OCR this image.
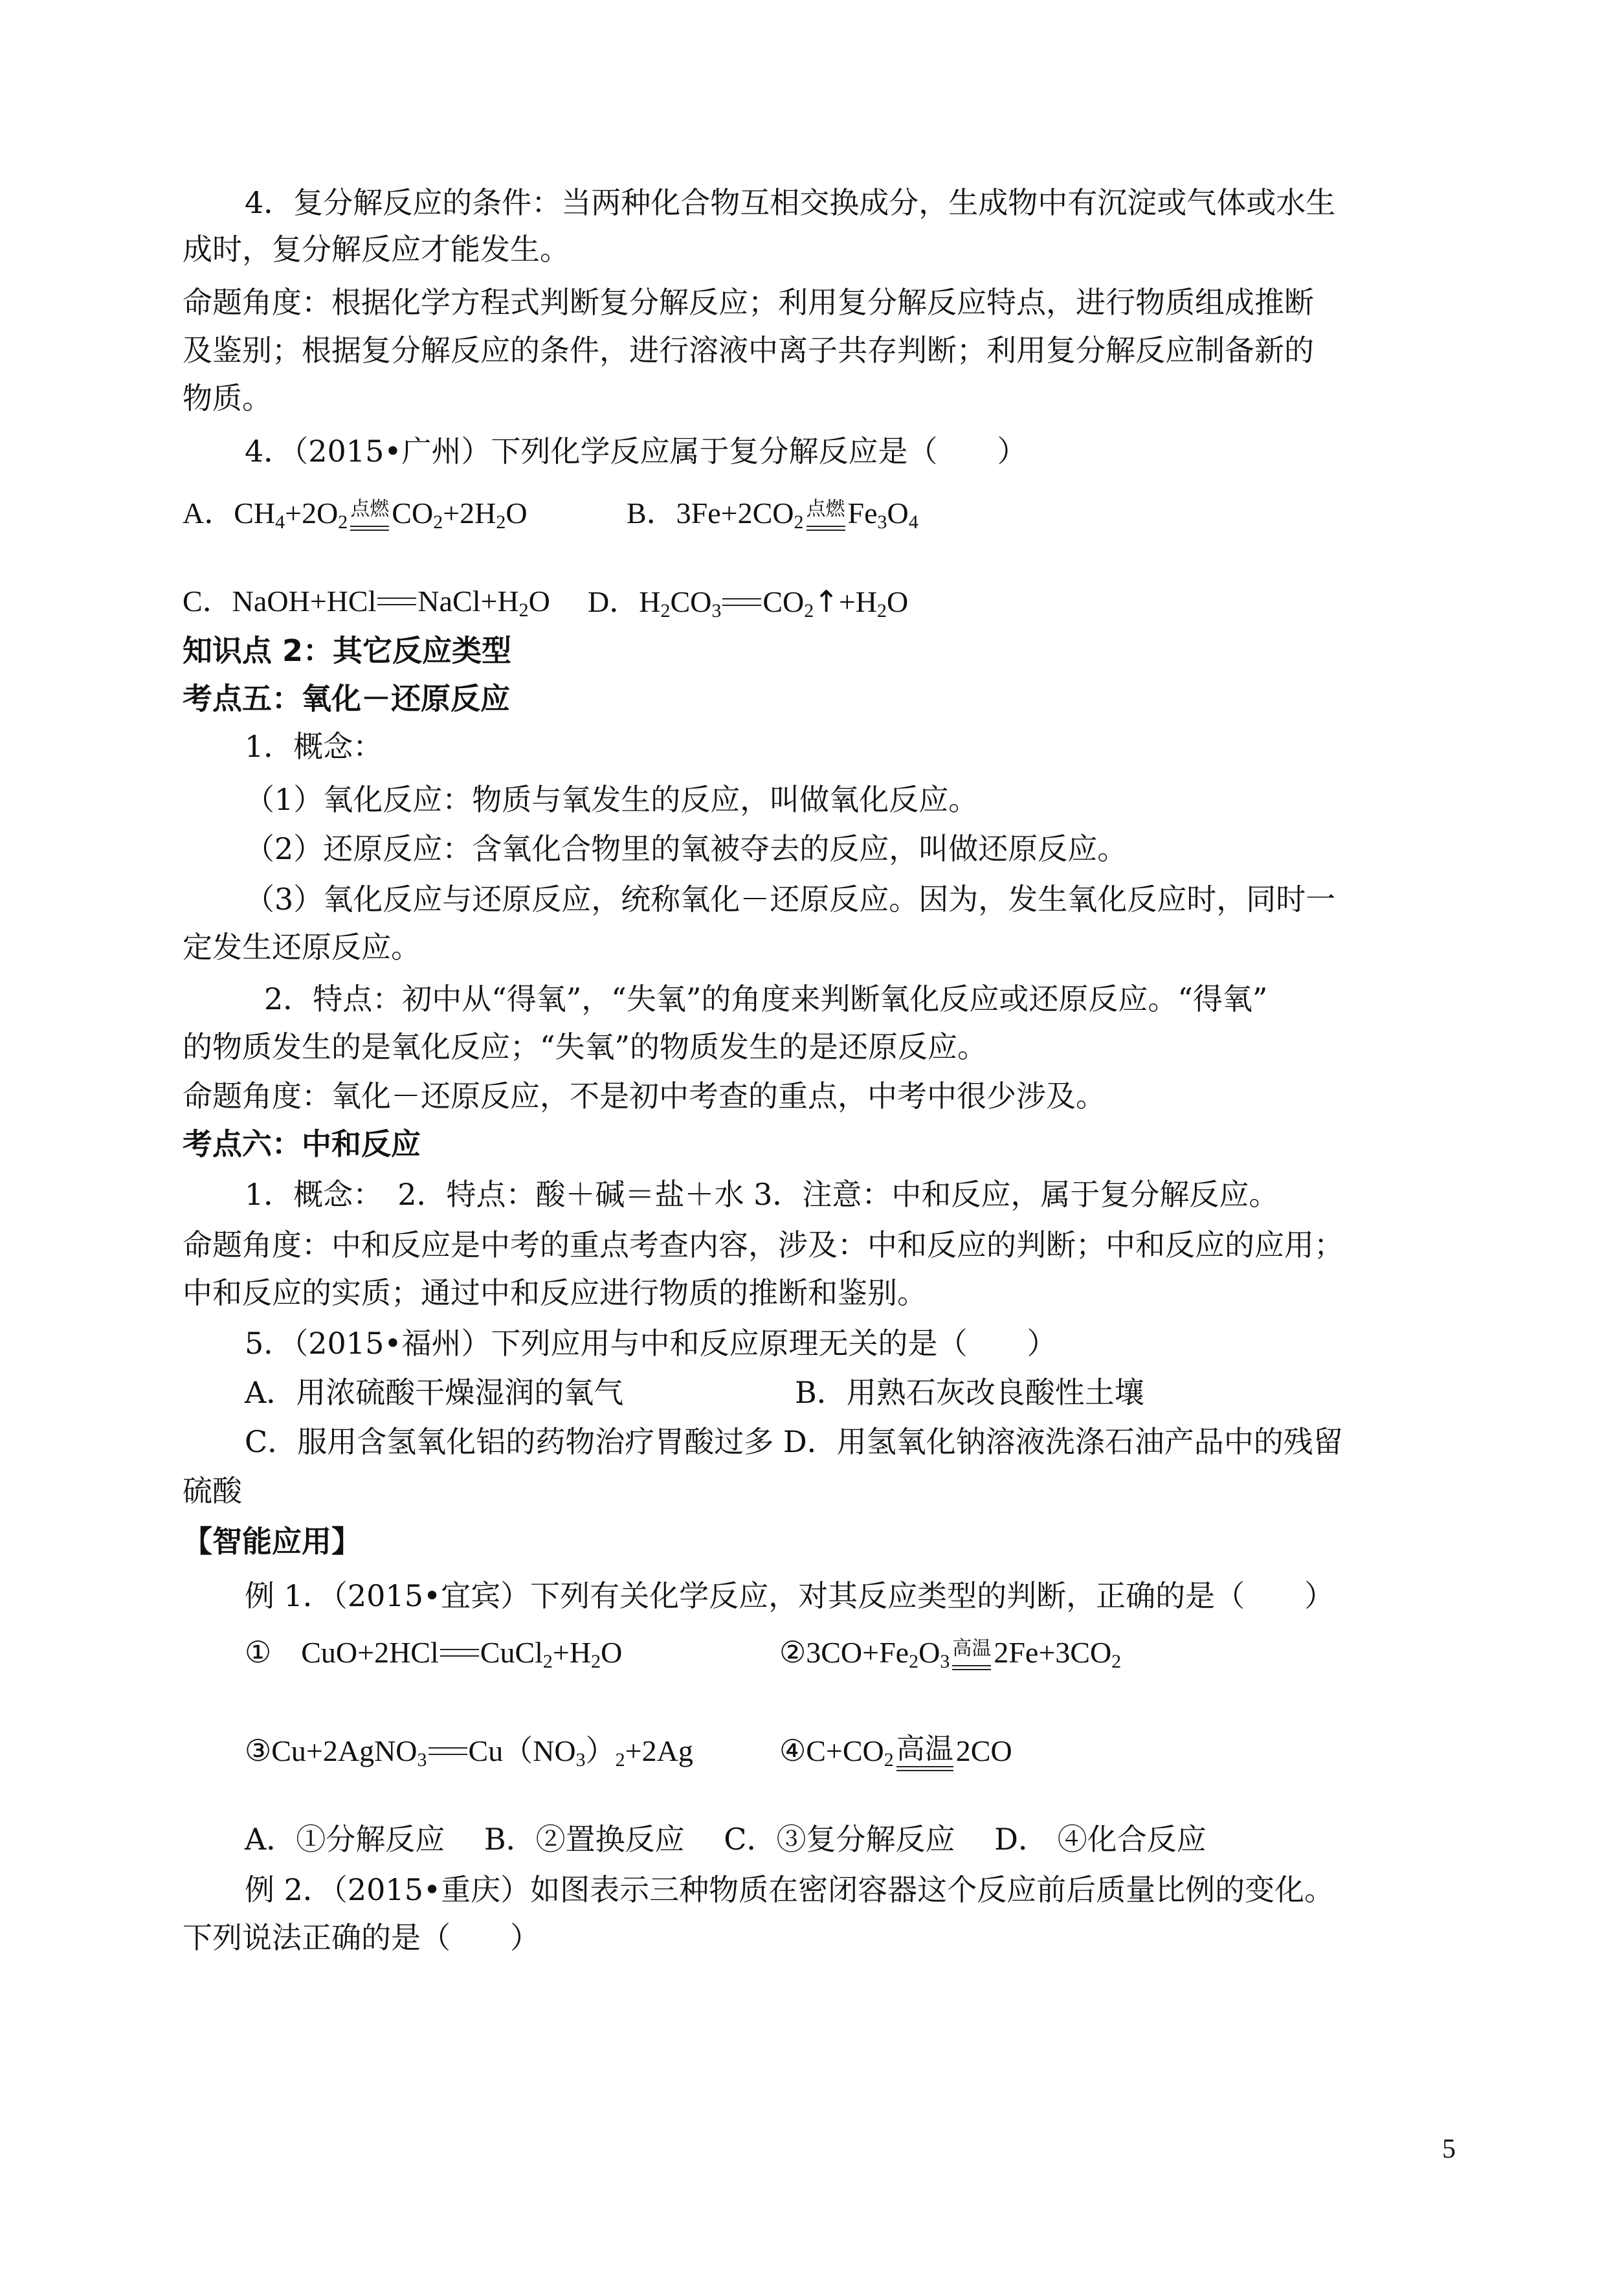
4．复分解反应的条件：当两种化合物互相交换成分，生成物中有沉淀或气体或水生
成时，复分解反应才能发生。
命题角度：根据化学方程式判断复分解反应；利用复分解反应特点，进行物质组成推断
及鉴别；根据复分解反应的条件，进行溶液中离子共存判断；利用复分解反应制备新的
物质。
4．（2015•广州）下列化学反应属于复分解反应是（　　）
A．$CH_4+2O_2^{点燃}$
$CO_2+2H_2O$	B．$3Fe+2CO_2^{点燃}$
$Fe_3O_4$
C．NaOH+HCl $NaCl+H_2O$ D．$H_2CO_3$ $CO_2↑+H_2O$
知识点 2：其它反应类型
考点五：氧化－还原反应
1．概念：
（1）氧化反应：物质与氧发生的反应，叫做氧化反应。
（2）还原反应：含氧化合物里的氧被夺去的反应，叫做还原反应。
（3）氧化反应与还原反应，统称氧化－还原反应。因为，发生氧化反应时，同时一
定发生还原反应。
2．特点：初中从“得氧”，“失氧”的角度来判断氧化反应或还原反应。“得氧”
的物质发生的是氧化反应；“失氧”的物质发生的是还原反应。
命题角度：氧化－还原反应，不是初中考查的重点，中考中很少涉及。
考点六：中和反应
1．概念：　2．特点：酸＋碱＝盐＋水 3．注意：中和反应，属于复分解反应。
命题角度：中和反应是中考的重点考查内容，涉及：中和反应的判断；中和反应的应用；
中和反应的实质；通过中和反应进行物质的推断和鉴别。
5．（2015•福州）下列应用与中和反应原理无关的是（　　）
A．用浓硫酸干燥湿润的氧气	B．用熟石灰改良酸性土壤
C．服用含氢氧化铝的药物治疗胃酸过多 D．用氢氧化钠溶液洗涤石油产品中的残留
硫酸
【智能应用】
例 1．（2015•宜宾）下列有关化学反应，对其反应类型的判断，正确的是（　　）
①　CuO+2HCl $CuCl_2+H_2O$	$②3CO+Fe_2O_3^{高温}$
$2Fe+3CO_2$
③Cu+2AgNO$_3$ $Cu(NO_3)_2+2Ag$	$④C+CO_2$高温
2CO
A．①分解反应　 B．②置换反应　 C．③复分解反应　 D． ④化合反应
例 2．（2015•重庆）如图表示三种物质在密闭容器这个反应前后质量比例的变化。
下列说法正确的是（　　）
5
